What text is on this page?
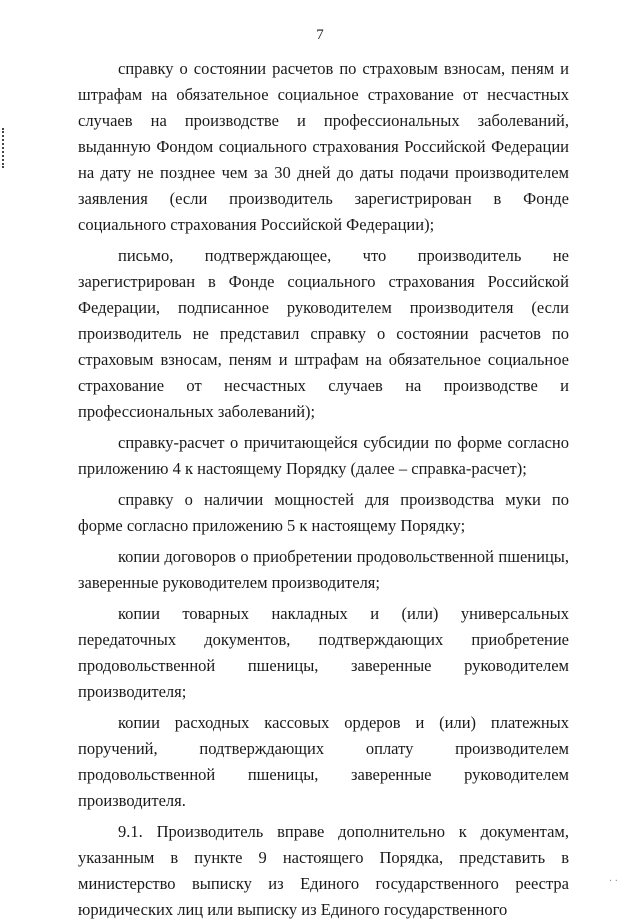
7

справку о состоянии расчетов по страховым взносам, пеням и штрафам на обязательное социальное страхование от несчастных случаев на производстве и профессиональных заболеваний, выданную Фондом социального страхования Российской Федерации на дату не позднее чем за 30 дней до даты подачи производителем заявления (если производитель зарегистрирован в Фонде социального страхования Российской Федерации);

письмо, подтверждающее, что производитель не зарегистрирован в Фонде социального страхования Российской Федерации, подписанное руководителем производителя (если производитель не представил справку о состоянии расчетов по страховым взносам, пеням и штрафам на обязательное социальное страхование от несчастных случаев на производстве и профессиональных заболеваний);

справку-расчет о причитающейся субсидии по форме согласно приложению 4 к настоящему Порядку (далее – справка-расчет);

справку о наличии мощностей для производства муки по форме согласно приложению 5 к настоящему Порядку;

копии договоров о приобретении продовольственной пшеницы, заверенные руководителем производителя;

копии товарных накладных и (или) универсальных передаточных документов, подтверждающих приобретение продовольственной пшеницы, заверенные руководителем производителя;

копии расходных кассовых ордеров и (или) платежных поручений, подтверждающих оплату производителем продовольственной пшеницы, заверенные руководителем производителя.

9.1. Производитель вправе дополнительно к документам, указанным в пункте 9 настоящего Порядка, представить в министерство выписку из Единого государственного реестра юридических лиц или выписку из Единого государственного

· ·
